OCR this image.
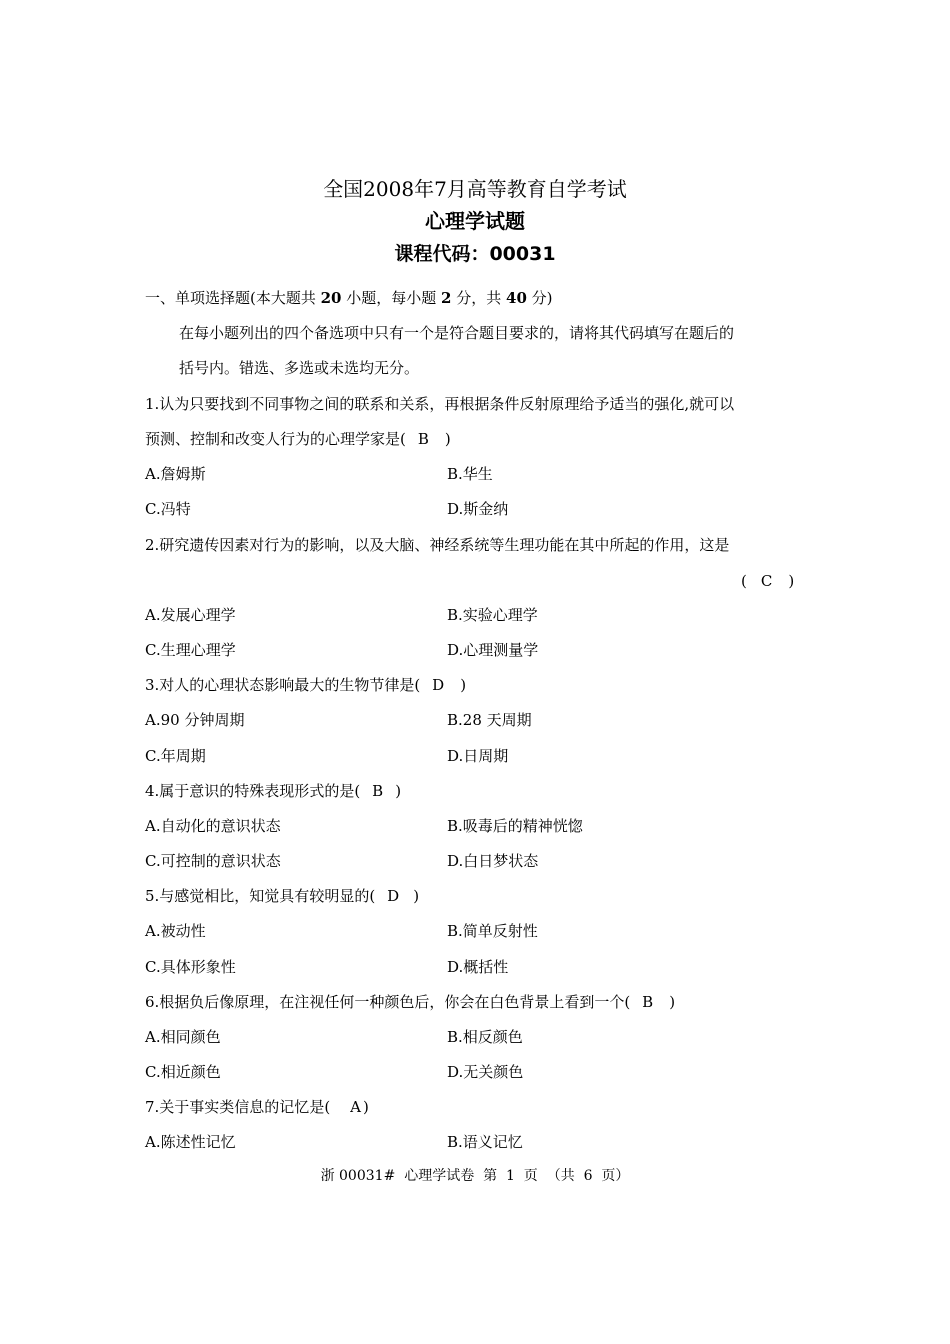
全国2008年7月高等教育自学考试
心理学试题
课程代码：00031
一、单项选择题(本大题共 20 小题，每小题 2 分，共 40 分)
在每小题列出的四个备选项中只有一个是符合题目要求的，请将其代码填写在题后的
括号内。错选、多选或未选均无分。
1.认为只要找到不同事物之间的联系和关系，再根据条件反射原理给予适当的强化,就可以
预测、控制和改变人行为的心理学家是( B )
A.詹姆斯	B.华生
C.冯特	D.斯金纳
2.研究遗传因素对行为的影响，以及大脑、神经系统等生理功能在其中所起的作用，这是
( C )
A.发展心理学	B.实验心理学
C.生理心理学	D.心理测量学
3.对人的心理状态影响最大的生物节律是( D )
A.90 分钟周期	B.28 天周期
C.年周期	D.日周期
4.属于意识的特殊表现形式的是( B )
A.自动化的意识状态	B.吸毒后的精神恍惚
C.可控制的意识状态	D.白日梦状态
5.与感觉相比，知觉具有较明显的( D )
A.被动性	B.简单反射性
C.具体形象性	D.概括性
6.根据负后像原理，在注视任何一种颜色后，你会在白色背景上看到一个( B )
A.相同颜色	B.相反颜色
C.相近颜色	D.无关颜色
7.关于事实类信息的记忆是( A )
A.陈述性记忆	B.语义记忆
浙 00031#  心理学试卷  第  1  页  （共  6  页）
